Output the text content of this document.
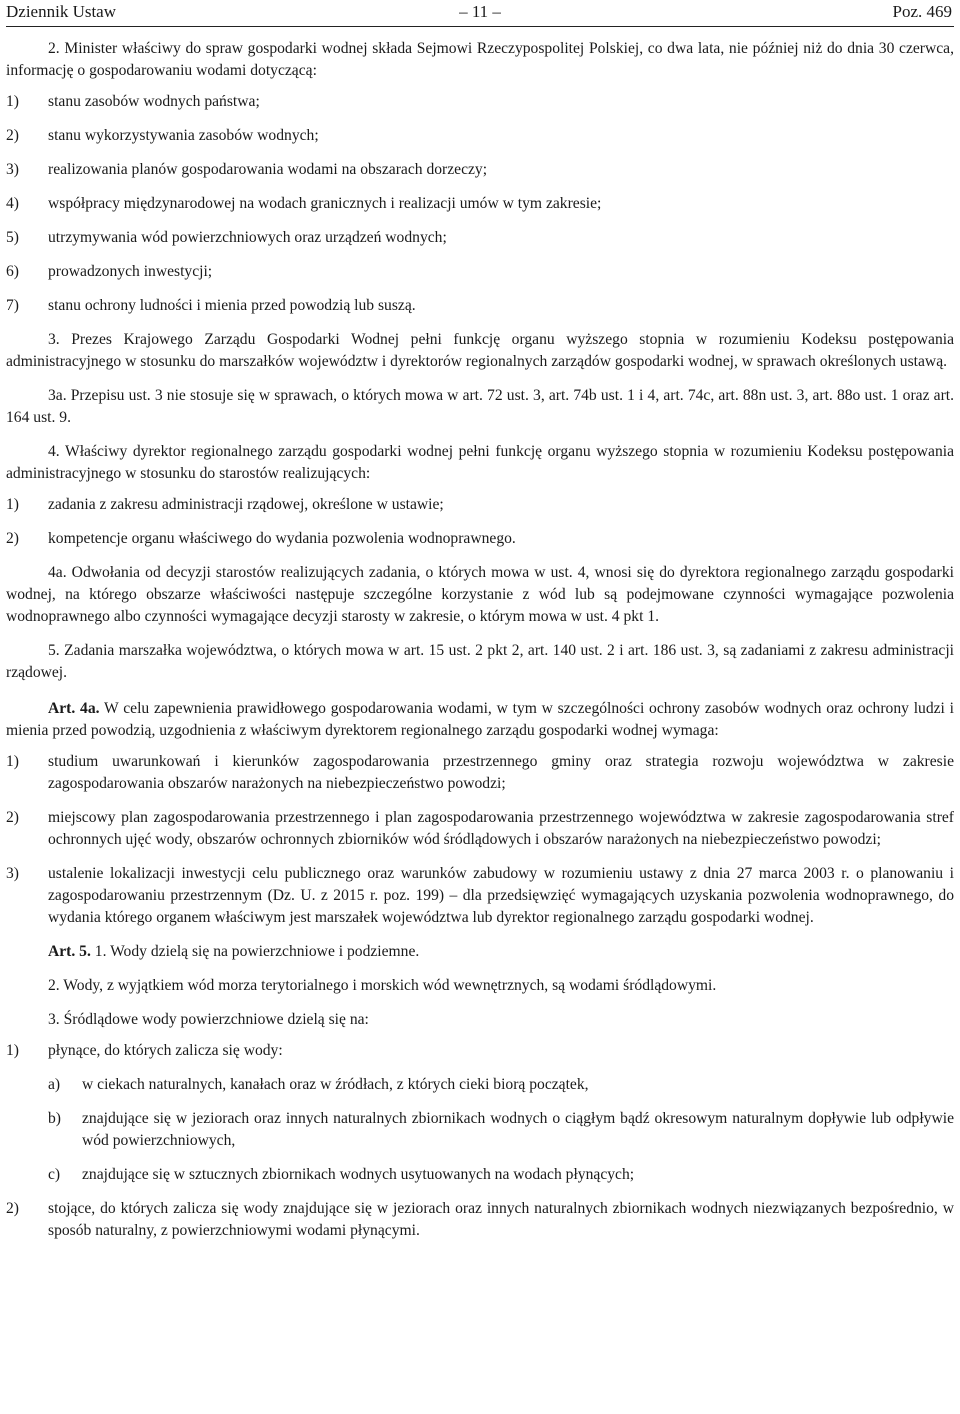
Dziennik Ustaw	– 11 –	Poz. 469

2. Minister właściwy do spraw gospodarki wodnej składa Sejmowi Rzeczypospolitej Polskiej, co dwa lata, nie później niż do dnia 30 czerwca, informację o gospodarowaniu wodami dotyczącą:

1)	stanu zasobów wodnych państwa;
2)	stanu wykorzystywania zasobów wodnych;
3)	realizowania planów gospodarowania wodami na obszarach dorzeczy;
4)	współpracy międzynarodowej na wodach granicznych i realizacji umów w tym zakresie;
5)	utrzymywania wód powierzchniowych oraz urządzeń wodnych;
6)	prowadzonych inwestycji;
7)	stanu ochrony ludności i mienia przed powodzią lub suszą.

3. Prezes Krajowego Zarządu Gospodarki Wodnej pełni funkcję organu wyższego stopnia w rozumieniu Kodeksu postępowania administracyjnego w stosunku do marszałków województw i dyrektorów regionalnych zarządów gospodarki wodnej, w sprawach określonych ustawą.

3a. Przepisu ust. 3 nie stosuje się w sprawach, o których mowa w art. 72 ust. 3, art. 74b ust. 1 i 4, art. 74c, art. 88n ust. 3, art. 88o ust. 1 oraz art. 164 ust. 9.

4. Właściwy dyrektor regionalnego zarządu gospodarki wodnej pełni funkcję organu wyższego stopnia w rozumieniu Kodeksu postępowania administracyjnego w stosunku do starostów realizujących:

1)	zadania z zakresu administracji rządowej, określone w ustawie;
2)	kompetencje organu właściwego do wydania pozwolenia wodnoprawnego.

4a. Odwołania od decyzji starostów realizujących zadania, o których mowa w ust. 4, wnosi się do dyrektora regionalnego zarządu gospodarki wodnej, na którego obszarze właściwości następuje szczególne korzystanie z wód lub są podejmowane czynności wymagające pozwolenia wodnoprawnego albo czynności wymagające decyzji starosty w zakresie, o którym mowa w ust. 4 pkt 1.

5. Zadania marszałka województwa, o których mowa w art. 15 ust. 2 pkt 2, art. 140 ust. 2 i art. 186 ust. 3, są zadaniami z zakresu administracji rządowej.

Art. 4a. W celu zapewnienia prawidłowego gospodarowania wodami, w tym w szczególności ochrony zasobów wodnych oraz ochrony ludzi i mienia przed powodzią, uzgodnienia z właściwym dyrektorem regionalnego zarządu gospodarki wodnej wymaga:

1)	studium uwarunkowań i kierunków zagospodarowania przestrzennego gminy oraz strategia rozwoju województwa w zakresie zagospodarowania obszarów narażonych na niebezpieczeństwo powodzi;
2)	miejscowy plan zagospodarowania przestrzennego i plan zagospodarowania przestrzennego województwa w zakresie zagospodarowania stref ochronnych ujęć wody, obszarów ochronnych zbiorników wód śródlądowych i obszarów narażonych na niebezpieczeństwo powodzi;
3)	ustalenie lokalizacji inwestycji celu publicznego oraz warunków zabudowy w rozumieniu ustawy z dnia 27 marca 2003 r. o planowaniu i zagospodarowaniu przestrzennym (Dz. U. z 2015 r. poz. 199) – dla przedsięwzięć wymagających uzyskania pozwolenia wodnoprawnego, do wydania którego organem właściwym jest marszałek województwa lub dyrektor regionalnego zarządu gospodarki wodnej.

Art. 5. 1. Wody dzielą się na powierzchniowe i podziemne.

2. Wody, z wyjątkiem wód morza terytorialnego i morskich wód wewnętrznych, są wodami śródlądowymi.

3. Śródlądowe wody powierzchniowe dzielą się na:

1)	płynące, do których zalicza się wody:
a)	w ciekach naturalnych, kanałach oraz w źródłach, z których cieki biorą początek,
b)	znajdujące się w jeziorach oraz innych naturalnych zbiornikach wodnych o ciągłym bądź okresowym naturalnym dopływie lub odpływie wód powierzchniowych,
c)	znajdujące się w sztucznych zbiornikach wodnych usytuowanych na wodach płynących;
2)	stojące, do których zalicza się wody znajdujące się w jeziorach oraz innych naturalnych zbiornikach wodnych niezwiązanych bezpośrednio, w sposób naturalny, z powierzchniowymi wodami płynącymi.
